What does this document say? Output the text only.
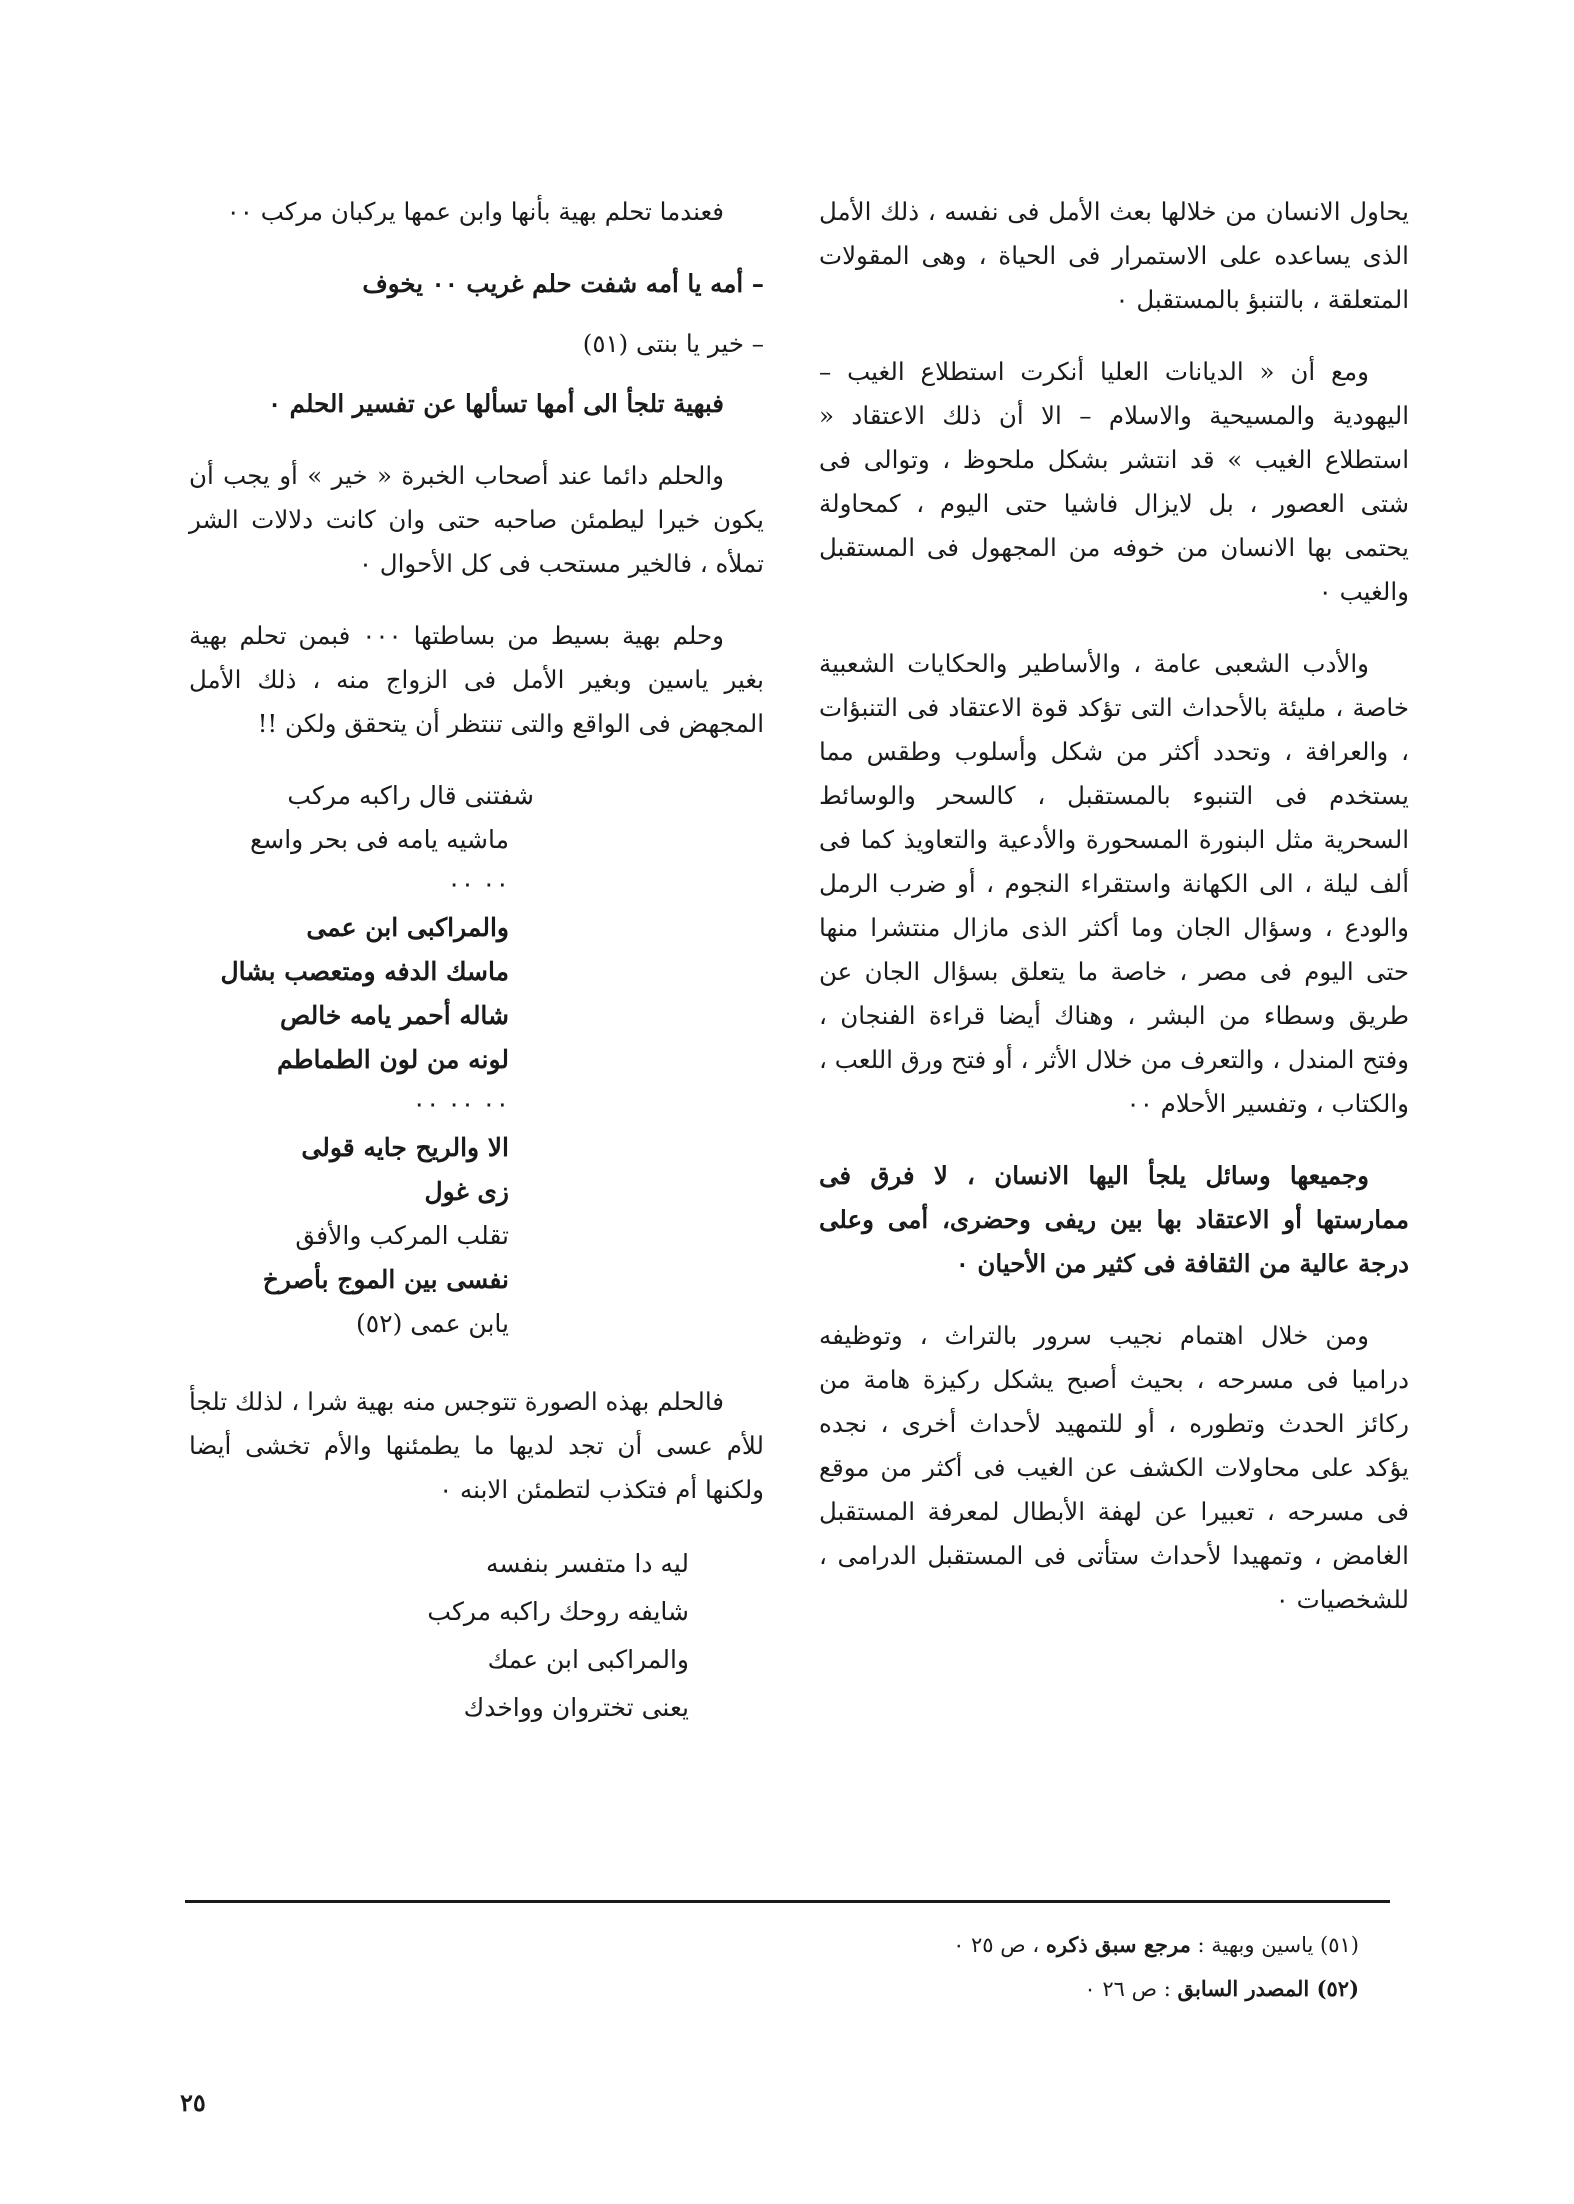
يحاول الانسان من خلالها بعث الأمل فى نفسه ، ذلك الأمل الذى يساعده على الاستمرار فى الحياة ، وهى المقولات المتعلقة ، بالتنبؤ بالمستقبل ٠

ومع أن « الديانات العليا أنكرت استطلاع الغيب – اليهودية والمسيحية والاسلام – الا أن ذلك الاعتقاد « استطلاع الغيب » قد انتشر بشكل ملحوظ ، وتوالى فى شتى العصور ، بل لايزال فاشيا حتى اليوم ، كمحاولة يحتمى بها الانسان من خوفه من المجهول فى المستقبل والغيب ٠

والأدب الشعبى عامة ، والأساطير والحكايات الشعبية خاصة ، مليئة بالأحداث التى تؤكد قوة الاعتقاد فى التنبؤات ، والعرافة ، وتحدد أكثر من شكل وأسلوب وطقس مما يستخدم فى التنبوء بالمستقبل ، كالسحر والوسائط السحرية مثل البنورة المسحورة والأدعية والتعاويذ كما فى ألف ليلة ، الى الكهانة واستقراء النجوم ، أو ضرب الرمل والودع ، وسؤال الجان وما أكثر الذى مازال منتشرا منها حتى اليوم فى مصر ، خاصة ما يتعلق بسؤال الجان عن طريق وسطاء من البشر ، وهناك أيضا قراءة الفنجان ، وفتح المندل ، والتعرف من خلال الأثر ، أو فتح ورق اللعب ، والكتاب ، وتفسير الأحلام ٠٠

وجميعها وسائل يلجأ اليها الانسان ، لا فرق فى ممارستها أو الاعتقاد بها بين ريفى وحضرى، أمى وعلى درجة عالية من الثقافة فى كثير من الأحيان ٠

ومن خلال اهتمام نجيب سرور بالتراث ، وتوظيفه دراميا فى مسرحه ، بحيث أصبح يشكل ركيزة هامة من ركائز الحدث وتطوره ، أو للتمهيد لأحداث أخرى ، نجده يؤكد على محاولات الكشف عن الغيب فى أكثر من موقع فى مسرحه ، تعبيرا عن لهفة الأبطال لمعرفة المستقبل الغامض ، وتمهيدا لأحداث ستأتى فى المستقبل الدرامى ، للشخصيات ٠

فعندما تحلم بهية بأنها وابن عمها يركبان مركب ٠٠

– أمه يا أمه شفت حلم غريب ٠٠ يخوف

– خير يا بنتى (٥١)

فبهية تلجأ الى أمها تسألها عن تفسير الحلم ٠

والحلم دائما عند أصحاب الخبرة « خير » أو يجب أن يكون خيرا ليطمئن صاحبه حتى وان كانت دلالات الشر تملأه ، فالخير مستحب فى كل الأحوال ٠

وحلم بهية بسيط من بساطتها ٠٠٠ فبمن تحلم بهية بغير ياسين وبغير الأمل فى الزواج منه ، ذلك الأمل المجهض فى الواقع والتى تنتظر أن يتحقق ولكن !!

شفتنى قال راكبه مركب

ماشيه يامه فى بحر واسع

٠٠ ٠٠

والمراكبى ابن عمى

ماسك الدفه ومتعصب بشال

شاله أحمر يامه خالص

لونه من لون الطماطم

٠٠ ٠٠ ٠٠

الا والريح جايه قولى

زى غول

تقلب المركب والأفق

نفسى بين الموج بأصرخ

يابن عمى (٥٢)

فالحلم بهذه الصورة تتوجس منه بهية شرا ، لذلك تلجأ للأم عسى أن تجد لديها ما يطمئنها والأم تخشى أيضا ولكنها أم فتكذب لتطمئن الابنه ٠

ليه دا متفسر بنفسه

شايفه روحك راكبه مركب

والمراكبى ابن عمك

يعنى تختروان وواخدك

(٥١) ياسين وبهية : مرجع سبق ذكره ، ص ٢٥ ٠
(٥٢) المصدر السابق : ص ٢٦ ٠
٢٥
